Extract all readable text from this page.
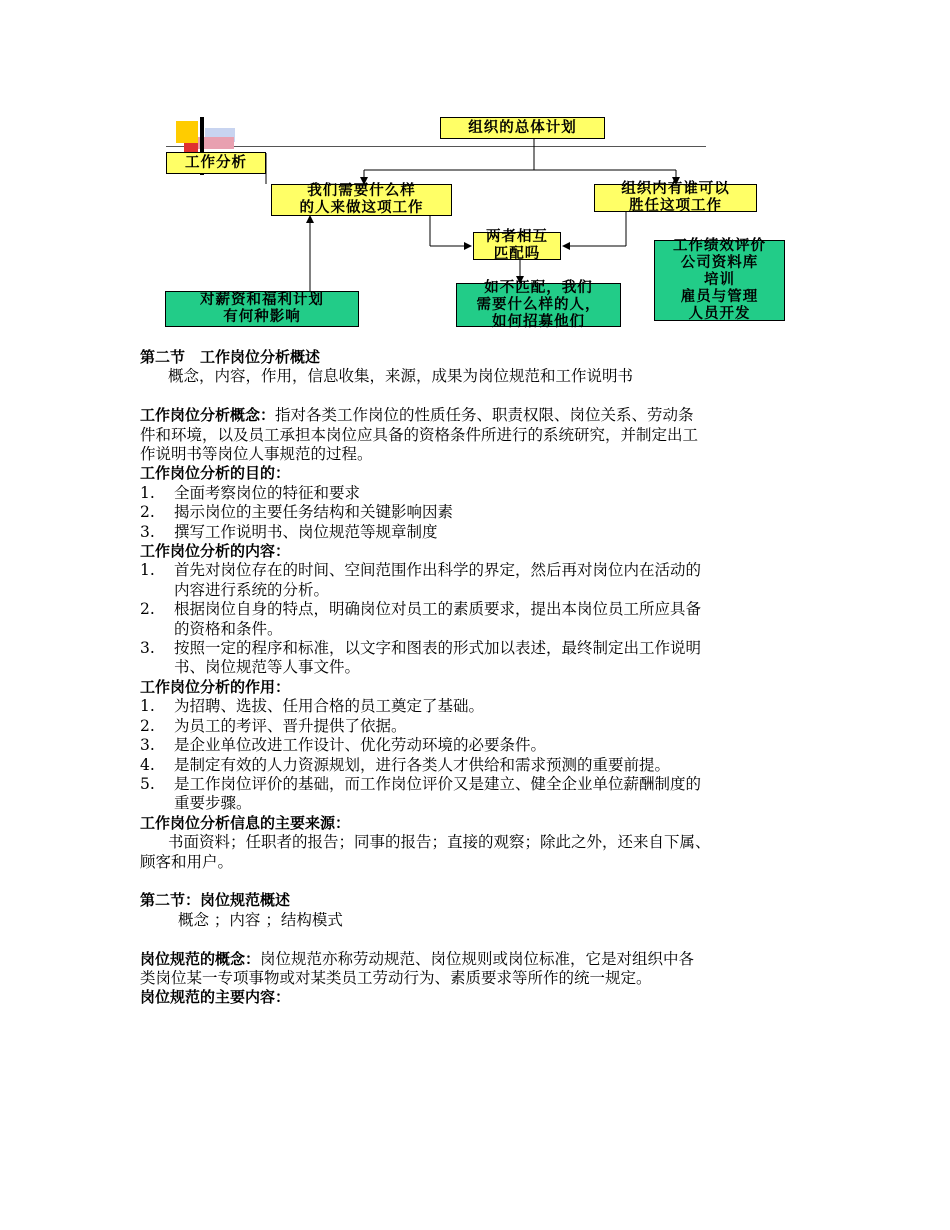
组织的总体计划
工作分析
我们需要什么样
的人来做这项工作
组织内有谁可以
胜任这项工作
两者相互
匹配吗	工作绩效评价
公司资料库
培训
雇员与管理
人员开发
对薪资和福利计划
有何种影响
如不匹配，我们
需要什么样的人，
如何招募他们

第二节　工作岗位分析概述

概念，内容，作用，信息收集，来源，成果为岗位规范和工作说明书

工作岗位分析概念：指对各类工作岗位的性质任务、职责权限、岗位关系、劳动条

件和环境，以及员工承担本岗位应具备的资格条件所进行的系统研究，并制定出工

作说明书等岗位人事规范的过程。

工作岗位分析的目的：

1. 全面考察岗位的特征和要求

2. 揭示岗位的主要任务结构和关键影响因素

3. 撰写工作说明书、岗位规范等规章制度

工作岗位分析的内容：

1. 首先对岗位存在的时间、空间范围作出科学的界定，然后再对岗位内在活动的

内容进行系统的分析。

2. 根据岗位自身的特点，明确岗位对员工的素质要求，提出本岗位员工所应具备

的资格和条件。

3. 按照一定的程序和标准，以文字和图表的形式加以表述，最终制定出工作说明

书、岗位规范等人事文件。

工作岗位分析的作用：

1. 为招聘、选拔、任用合格的员工奠定了基础。

2. 为员工的考评、晋升提供了依据。

3. 是企业单位改进工作设计、优化劳动环境的必要条件。

4. 是制定有效的人力资源规划，进行各类人才供给和需求预测的重要前提。

5. 是工作岗位评价的基础，而工作岗位评价又是建立、健全企业单位薪酬制度的

重要步骤。

工作岗位分析信息的主要来源：

书面资料；任职者的报告；同事的报告；直接的观察；除此之外，还来自下属、

顾客和用户。

第二节：岗位规范概述

概念 ；内容 ；结构模式

岗位规范的概念：岗位规范亦称劳动规范、岗位规则或岗位标准，它是对组织中各

类岗位某一专项事物或对某类员工劳动行为、素质要求等所作的统一规定。

岗位规范的主要内容：
